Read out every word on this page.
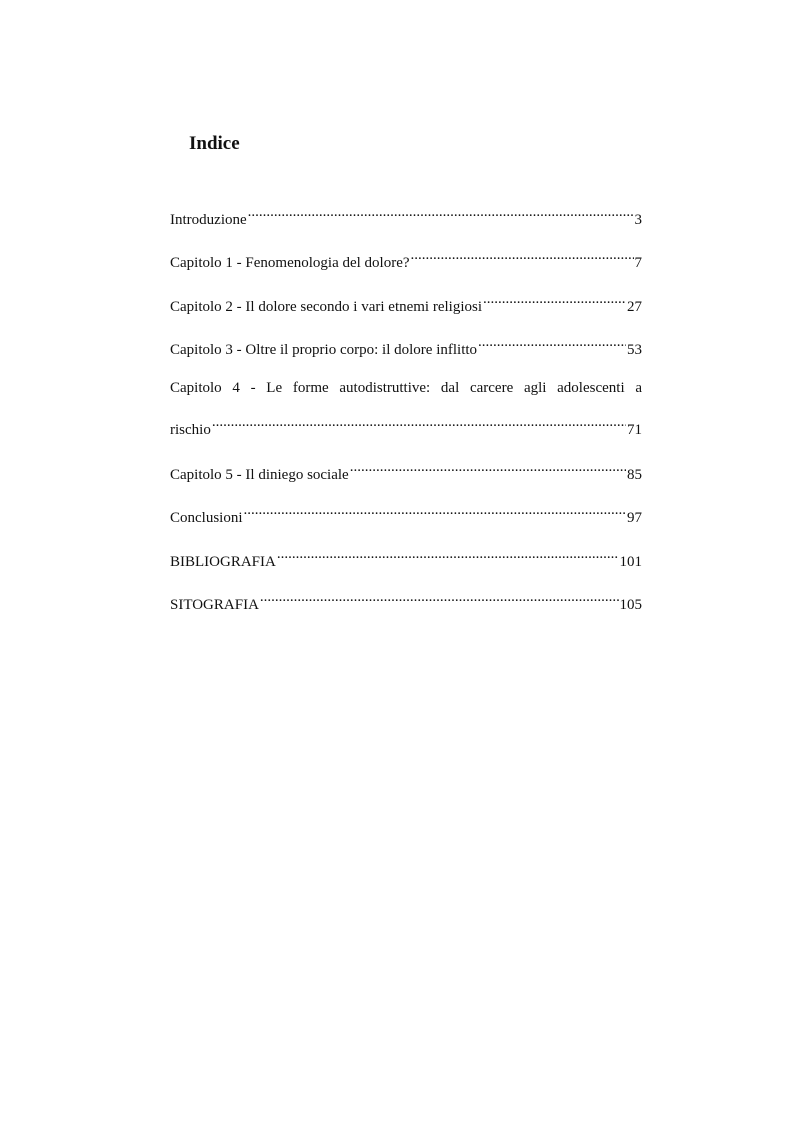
Indice
Introduzione .....	3
Capitolo 1 - Fenomenologia del dolore? .....	7
Capitolo 2 - Il dolore secondo i vari etnemi religiosi .....	27
Capitolo 3 - Oltre il proprio corpo: il dolore inflitto .....	53
Capitolo 4 - Le forme autodistruttive: dal carcere agli adolescenti a
rischio .....	71
Capitolo 5 - Il diniego sociale .....	85
Conclusioni .....	97
BIBLIOGRAFIA .....	101
SITOGRAFIA .....	105
